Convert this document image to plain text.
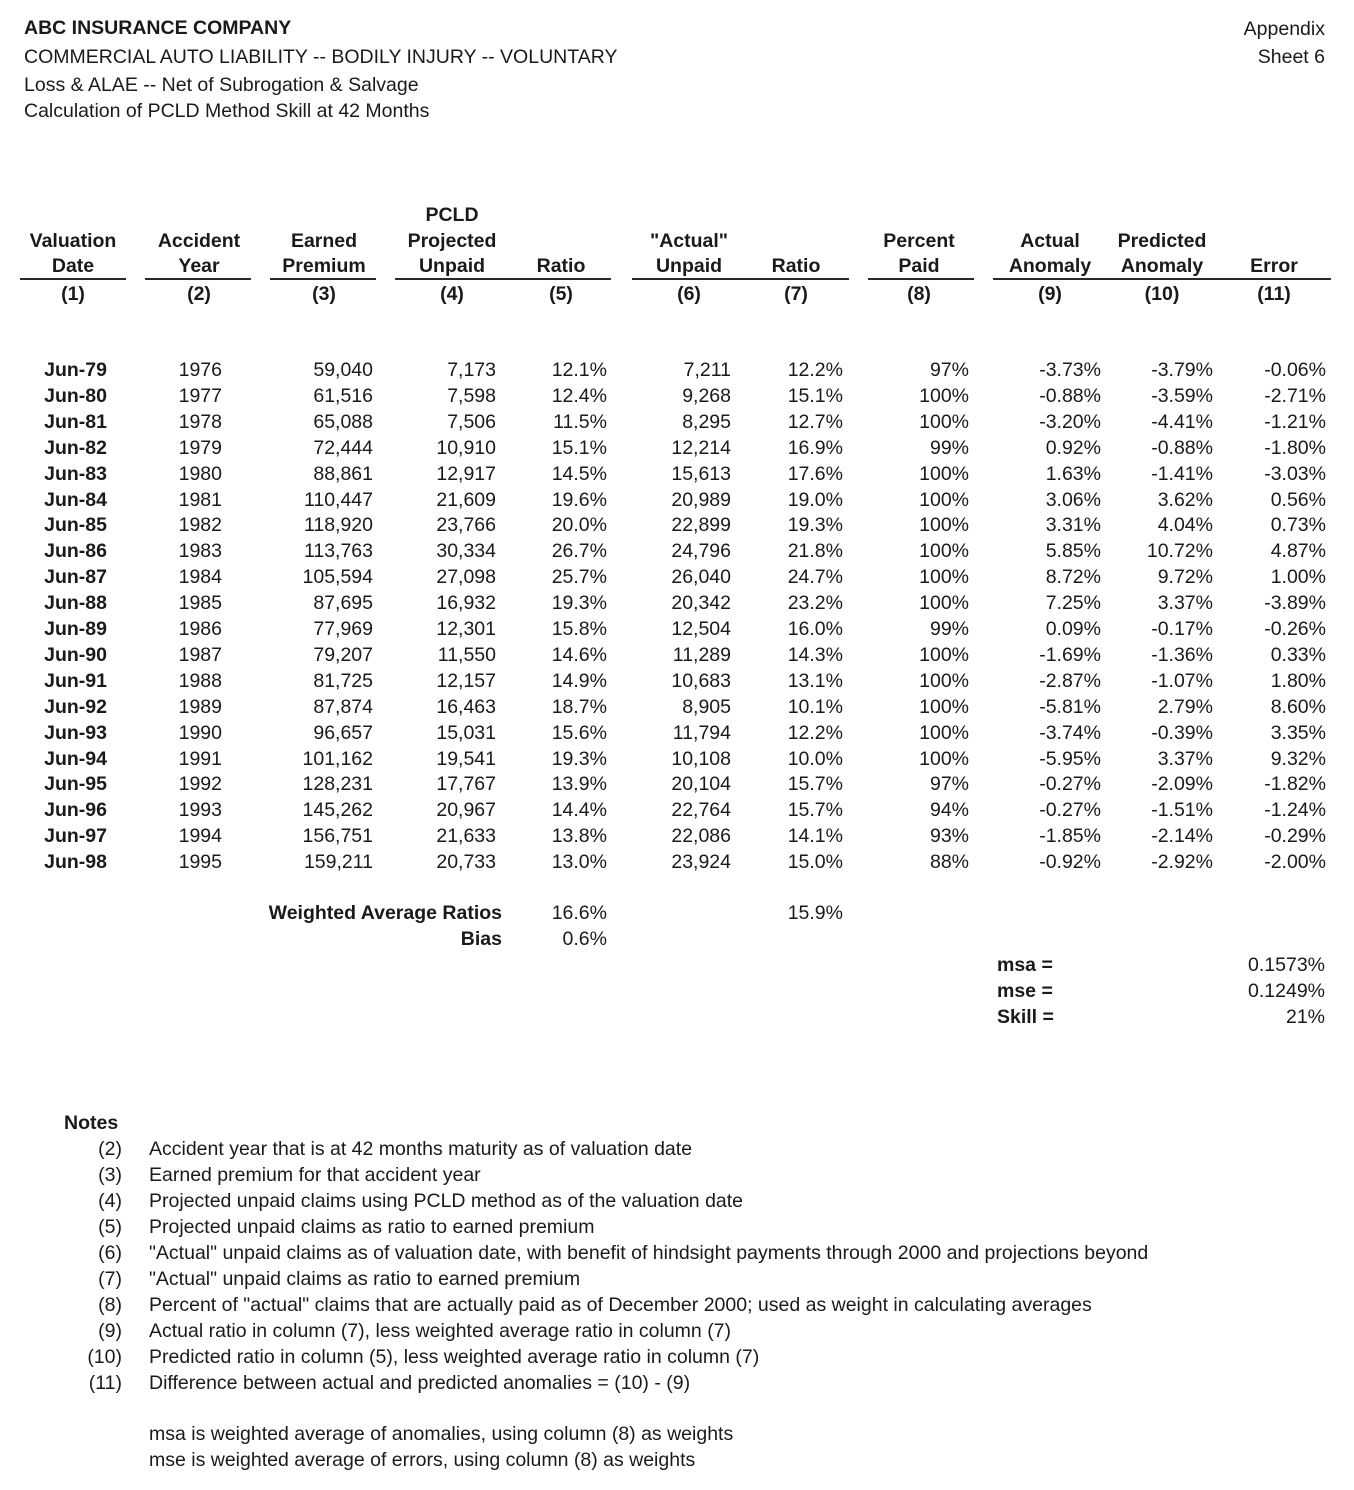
ABC INSURANCE COMPANY
COMMERCIAL AUTO LIABILITY -- BODILY INJURY -- VOLUNTARY
Loss & ALAE -- Net of Subrogation & Salvage
Calculation of PCLD Method Skill at 42 Months
Appendix
Sheet 6
Valuation
Date
Accident
Year
Earned
Premium
PCLD
Projected
Unpaid	Ratio
"Actual"
Unpaid	Ratio
Percent
Paid
Actual
Anomaly
Predicted
Anomaly	Error
(1)	(2)	(3)	(4)	(5)	(6)	(7)	(8)	(9)	(10)	(11)
Jun-79	1976	59,040	7,173	12.1%	7,211	12.2%	97%	-3.73%	-3.79%	-0.06%
Jun-80	1977	61,516	7,598	12.4%	9,268	15.1%	100%	-0.88%	-3.59%	-2.71%
Jun-81	1978	65,088	7,506	11.5%	8,295	12.7%	100%	-3.20%	-4.41%	-1.21%
Jun-82	1979	72,444	10,910	15.1%	12,214	16.9%	99%	0.92%	-0.88%	-1.80%
Jun-83	1980	88,861	12,917	14.5%	15,613	17.6%	100%	1.63%	-1.41%	-3.03%
Jun-84	1981	110,447	21,609	19.6%	20,989	19.0%	100%	3.06%	3.62%	0.56%
Jun-85	1982	118,920	23,766	20.0%	22,899	19.3%	100%	3.31%	4.04%	0.73%
Jun-86	1983	113,763	30,334	26.7%	24,796	21.8%	100%	5.85% 10.72%	4.87%
Jun-87	1984	105,594	27,098	25.7%	26,040	24.7%	100%	8.72%	9.72%	1.00%
Jun-88	1985	87,695	16,932	19.3%	20,342	23.2%	100%	7.25%	3.37%	-3.89%
Jun-89	1986	77,969	12,301	15.8%	12,504	16.0%	99%	0.09%	-0.17%	-0.26%
Jun-90	1987	79,207	11,550	14.6%	11,289	14.3%	100%	-1.69%	-1.36%	0.33%
Jun-91	1988	81,725	12,157	14.9%	10,683	13.1%	100%	-2.87%	-1.07%	1.80%
Jun-92	1989	87,874	16,463	18.7%	8,905	10.1%	100%	-5.81%	2.79%	8.60%
Jun-93	1990	96,657	15,031	15.6%	11,794	12.2%	100%	-3.74%	-0.39%	3.35%
Jun-94	1991	101,162	19,541	19.3%	10,108	10.0%	100%	-5.95%	3.37%	9.32%
Jun-95	1992	128,231	17,767	13.9%	20,104	15.7%	97%	-0.27%	-2.09%	-1.82%
Jun-96	1993	145,262	20,967	14.4%	22,764	15.7%	94%	-0.27%	-1.51%	-1.24%
Jun-97	1994	156,751	21,633	13.8%	22,086	14.1%	93%	-1.85%	-2.14%	-0.29%
Jun-98	1995	159,211	20,733	13.0%	23,924	15.0%	88%	-0.92%	-2.92%	-2.00%
Weighted Average Ratios	16.6%	15.9%
Bias	0.6%
msa =	0.1573%
mse =	0.1249%
Skill =	21%
Notes
(2) Accident year that is at 42 months maturity as of valuation date
(3) Earned premium for that accident year
(4) Projected unpaid claims using PCLD method as of the valuation date
(5) Projected unpaid claims as ratio to earned premium
(6) "Actual" unpaid claims as of valuation date, with benefit of hindsight payments through 2000 and projections beyond
(7) "Actual" unpaid claims as ratio to earned premium
(8) Percent of "actual" claims that are actually paid as of December 2000; used as weight in calculating averages
(9) Actual ratio in column (7), less weighted average ratio in column (7)
(10) Predicted ratio in column (5), less weighted average ratio in column (7)
(11) Difference between actual and predicted anomalies = (10) - (9)
msa is weighted average of anomalies, using column (8) as weights
mse is weighted average of errors, using column (8) as weights
